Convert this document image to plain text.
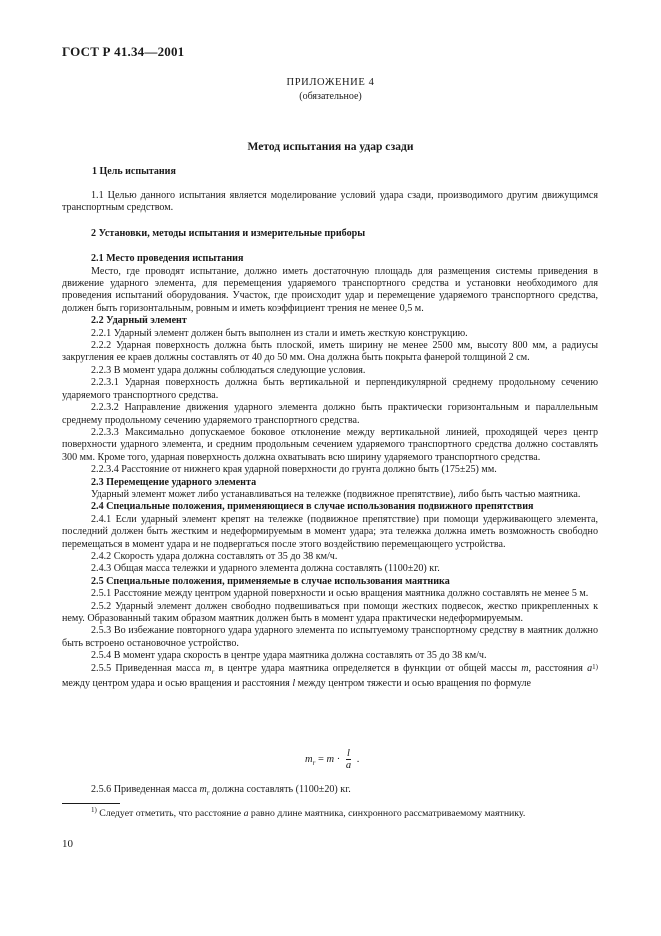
ГОСТ Р 41.34—2001
ПРИЛОЖЕНИЕ 4
(обязательное)
Метод испытания на удар сзади
1 Цель испытания

1.1 Целью данного испытания является моделирование условий удара сзади, производимого другим движущимся транспортным средством.

2 Установки, методы испытания и измерительные приборы

2.1 Место проведения испытания

Место, где проводят испытание, должно иметь достаточную площадь для размещения системы приведения в движение ударного элемента, для перемещения ударяемого транспортного средства и установки необходимого для проведения испытаний оборудования. Участок, где происходит удар и перемещение ударяемого транспортного средства, должен быть горизонтальным, ровным и иметь коэффициент трения не менее 0,5 м.

2.2 Ударный элемент

2.2.1 Ударный элемент должен быть выполнен из стали и иметь жесткую конструкцию.

2.2.2 Ударная поверхность должна быть плоской, иметь ширину не менее 2500 мм, высоту 800 мм, а радиусы закругления ее краев должны составлять от 40 до 50 мм. Она должна быть покрыта фанерой толщиной 2 см.

2.2.3 В момент удара должны соблюдаться следующие условия.

2.2.3.1 Ударная поверхность должна быть вертикальной и перпендикулярной среднему продольному сечению ударяемого транспортного средства.

2.2.3.2 Направление движения ударного элемента должно быть практически горизонтальным и параллельным среднему продольному сечению ударяемого транспортного средства.

2.2.3.3 Максимально допускаемое боковое отклонение между вертикальной линией, проходящей через центр поверхности ударного элемента, и средним продольным сечением ударяемого транспортного средства должно составлять 300 мм. Кроме того, ударная поверхность должна охватывать всю ширину ударяемого транспортного средства.

2.2.3.4 Расстояние от нижнего края ударной поверхности до грунта должно быть (175±25) мм.

2.3 Перемещение ударного элемента

Ударный элемент может либо устанавливаться на тележке (подвижное препятствие), либо быть частью маятника.

2.4 Специальные положения, применяющиеся в случае использования подвижного препятствия

2.4.1 Если ударный элемент крепят на тележке (подвижное препятствие) при помощи удерживающего элемента, последний должен быть жестким и недеформируемым в момент удара; эта тележка должна иметь возможность свободно перемещаться в момент удара и не подвергаться после этого воздействию перемещающего устройства.

2.4.2 Скорость удара должна составлять от 35 до 38 км/ч.

2.4.3 Общая масса тележки и ударного элемента должна составлять (1100±20) кг.

2.5 Специальные положения, применяемые в случае использования маятника

2.5.1 Расстояние между центром ударной поверхности и осью вращения маятника должно составлять не менее 5 м.

2.5.2 Ударный элемент должен свободно подвешиваться при помощи жестких подвесок, жестко прикрепленных к нему. Образованный таким образом маятник должен быть в момент удара практически недеформируемым.

2.5.3 Во избежание повторного удара ударного элемента по испытуемому транспортному средству в маятник должно быть встроено остановочное устройство.

2.5.4 В момент удара скорость в центре удара маятника должна составлять от 35 до 38 км/ч.

2.5.5 Приведенная масса $m_r$ в центре удара маятника определяется в функции от общей массы m, расстояния $a^{1)}$ между центром удара и осью вращения и расстояния l между центром тяжести и осью вращения по формуле

$m_r = m \cdot \frac{l}{a}$ .
2.5.6 Приведенная масса $m_r$ должна составлять (1100±20) кг.
$^{1)}$ Следует отметить, что расстояние a равно длине маятника, синхронного рассматриваемому маятнику.
10
